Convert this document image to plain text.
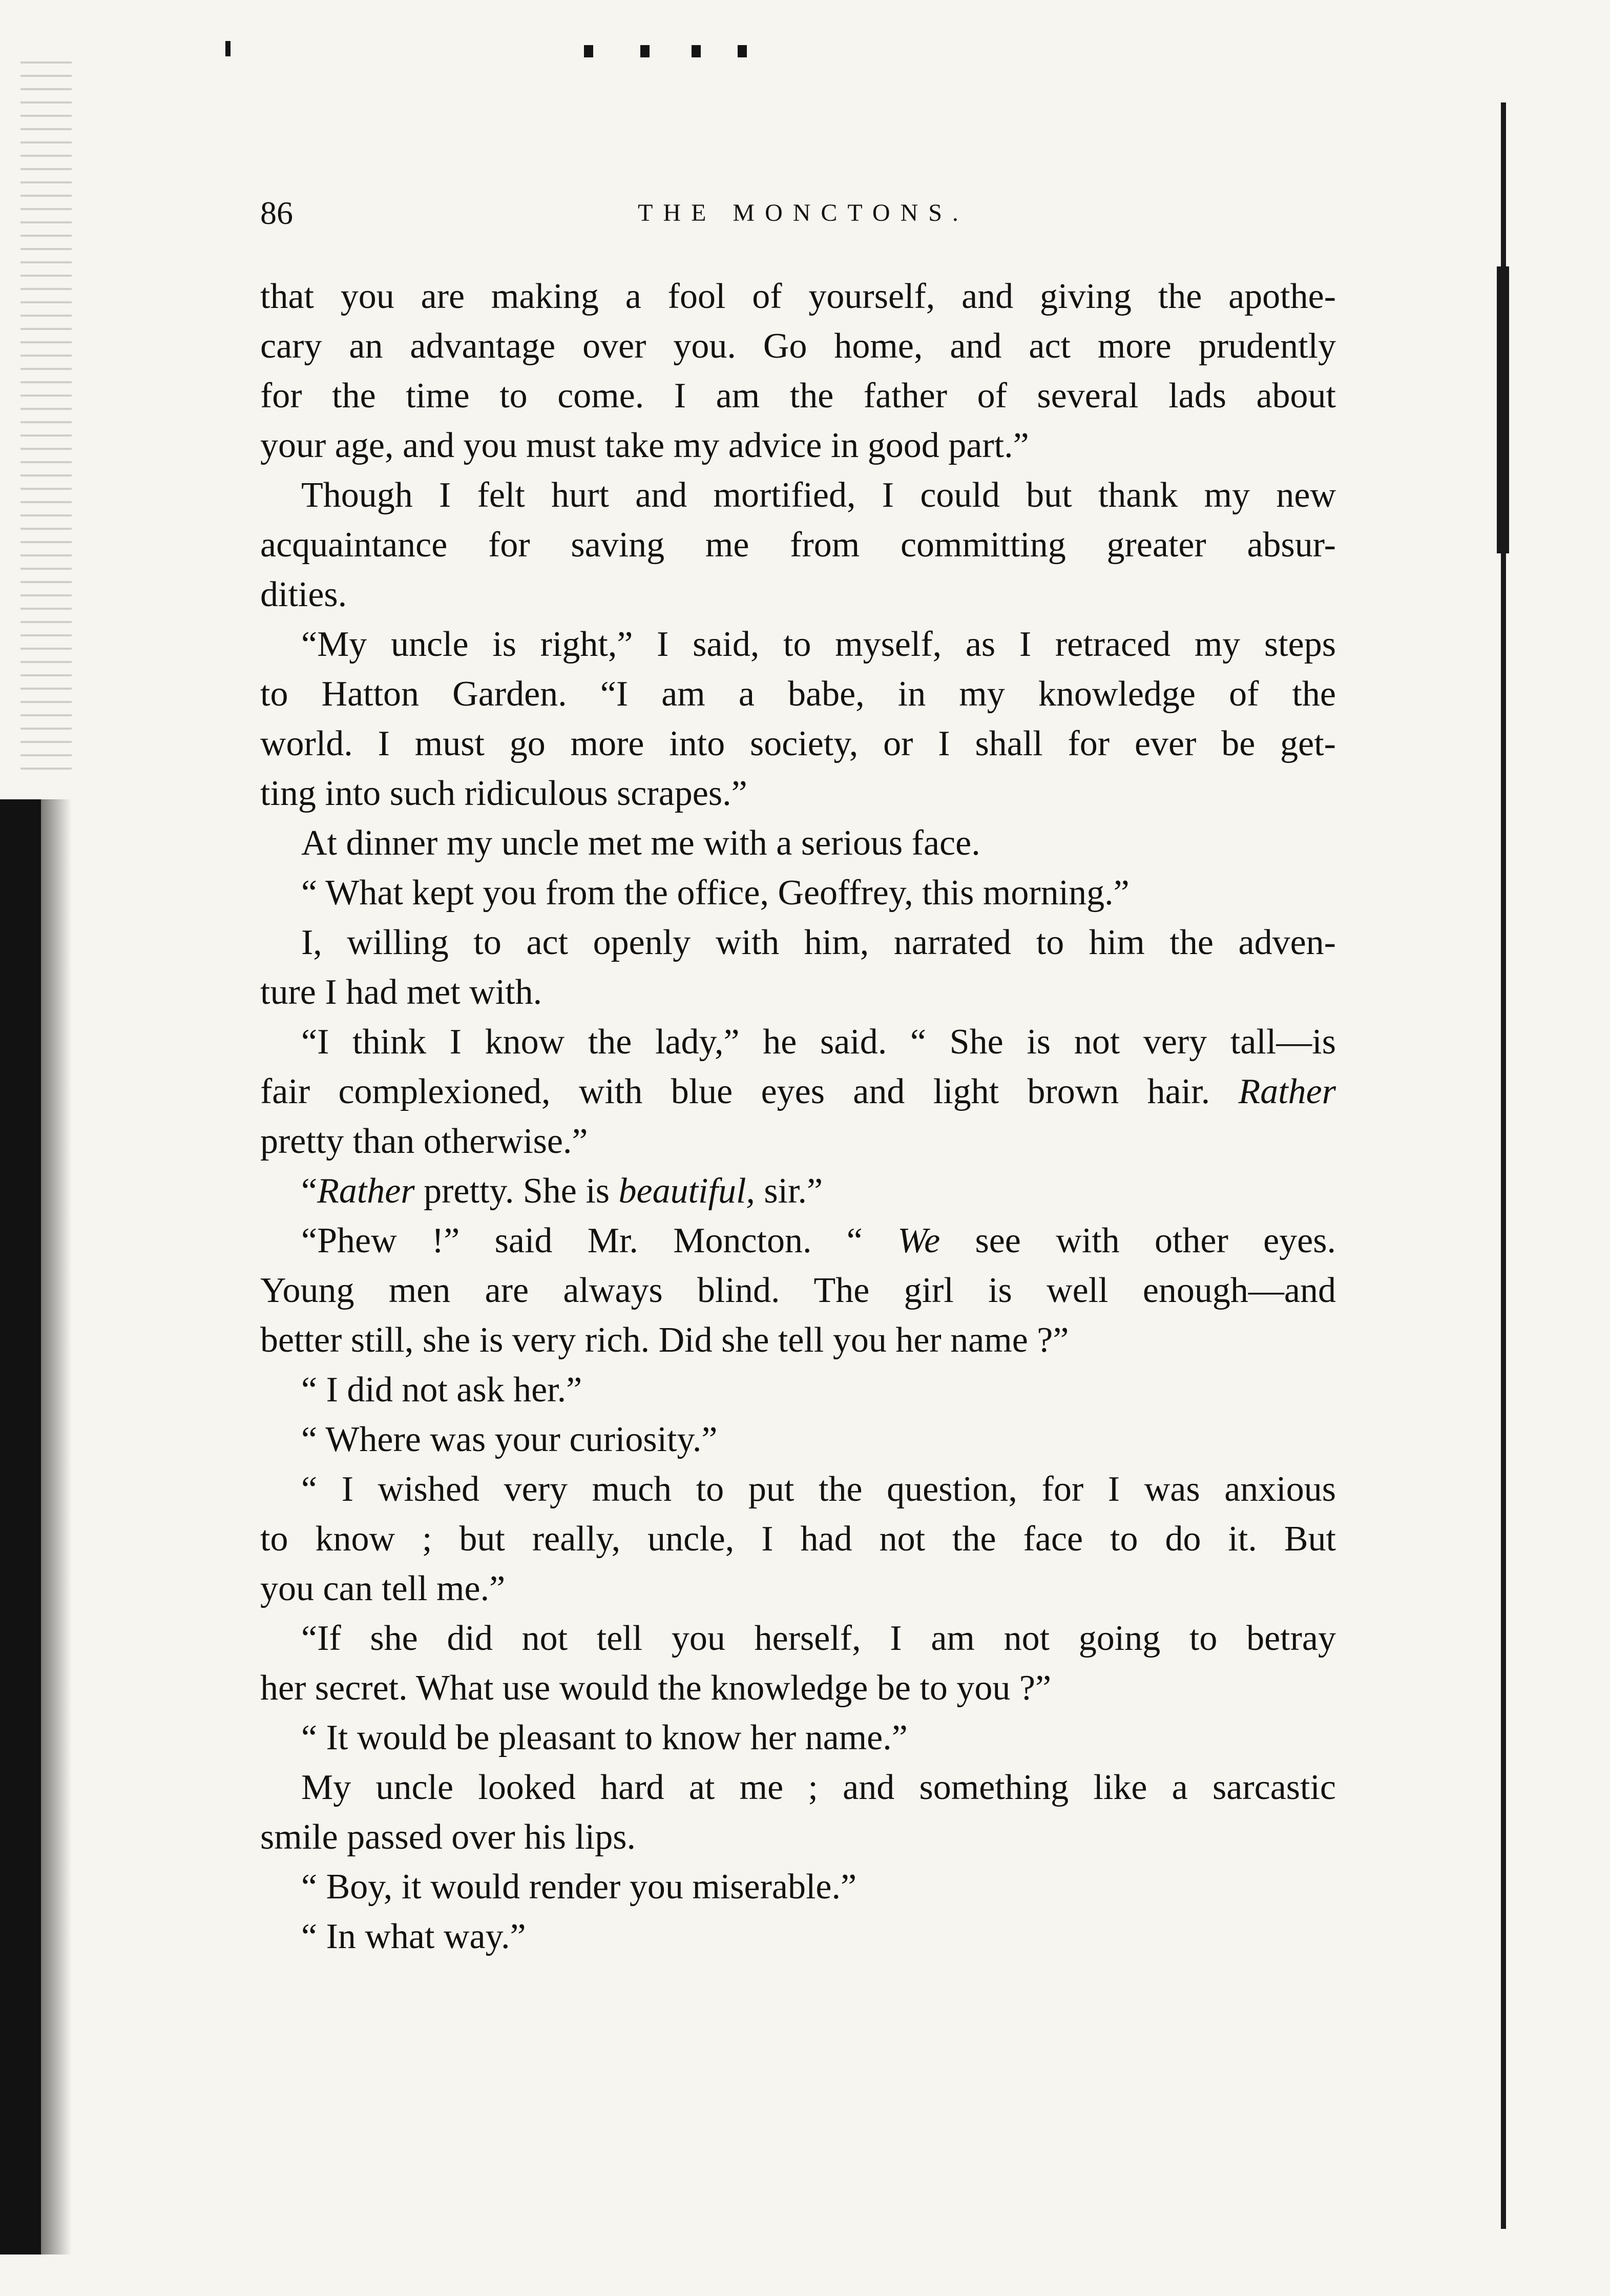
86	THE MONCTONS.
that you are making a fool of yourself, and giving the apothe-
cary an advantage over you. Go home, and act more prudently
for the time to come. I am the father of several lads about
your age, and you must take my advice in good part.”
Though I felt hurt and mortified, I could but thank my new
acquaintance for saving me from committing greater absur-
dities.
“My uncle is right,” I said, to myself, as I retraced my steps
to Hatton Garden. “I am a babe, in my knowledge of the
world. I must go more into society, or I shall for ever be get-
ting into such ridiculous scrapes.”
At dinner my uncle met me with a serious face.
“ What kept you from the office, Geoffrey, this morning.”
I, willing to act openly with him, narrated to him the adven-
ture I had met with.
“I think I know the lady,” he said. “ She is not very tall—is
fair complexioned, with blue eyes and light brown hair. Rather
pretty than otherwise.”
“Rather pretty. She is beautiful, sir.”
“Phew !” said Mr. Moncton. “ We see with other eyes.
Young men are always blind. The girl is well enough—and
better still, she is very rich. Did she tell you her name ?”
“ I did not ask her.”
“ Where was your curiosity.”
“ I wished very much to put the question, for I was anxious
to know ; but really, uncle, I had not the face to do it. But
you can tell me.”
“If she did not tell you herself, I am not going to betray
her secret. What use would the knowledge be to you ?”
“ It would be pleasant to know her name.”
My uncle looked hard at me ; and something like a sarcastic
smile passed over his lips.
“ Boy, it would render you miserable.”
“ In what way.”
